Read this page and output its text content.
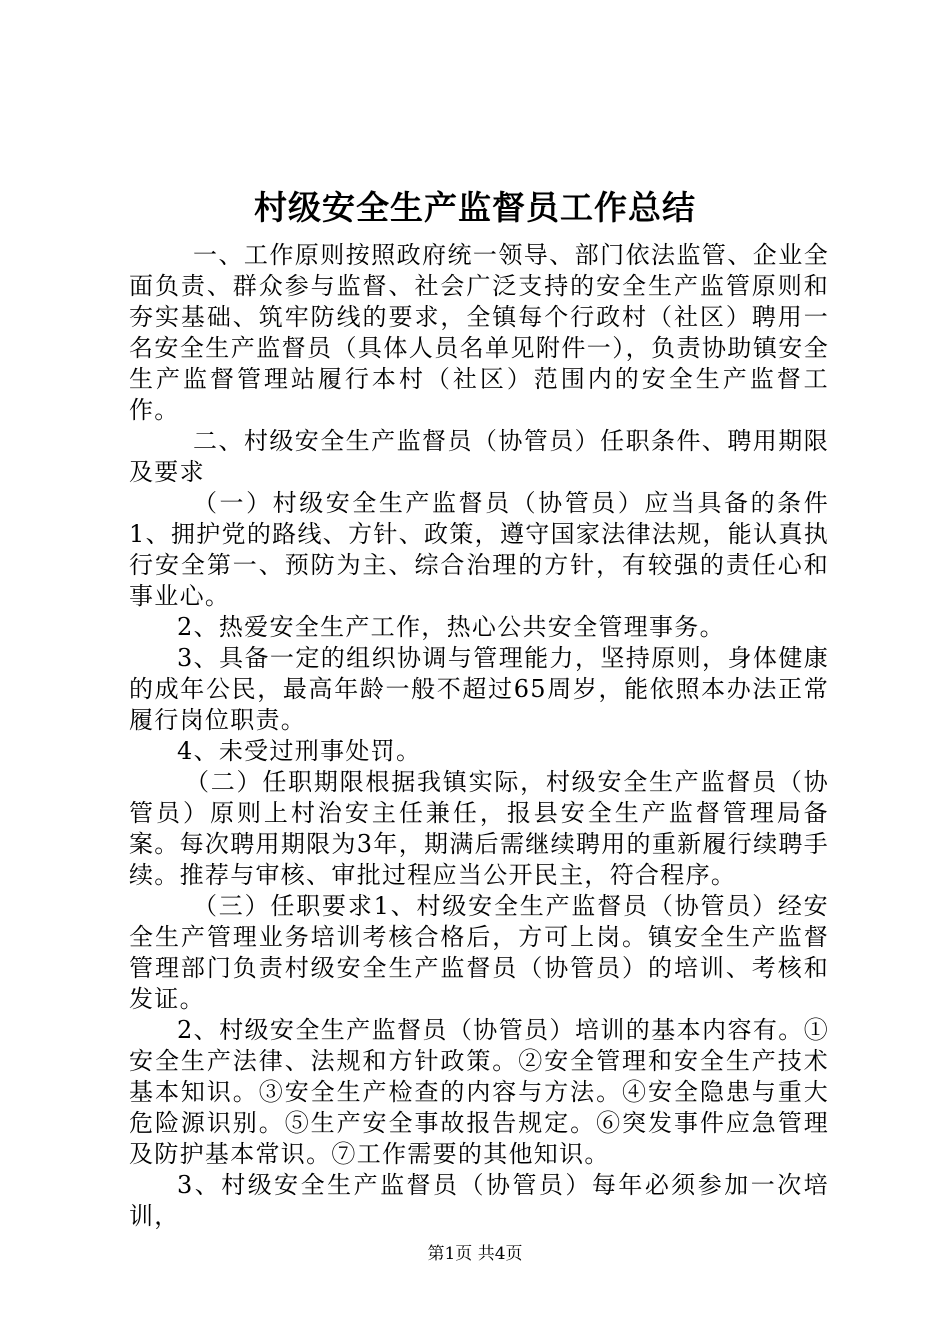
村级安全生产监督员工作总结

一、工作原则按照政府统一领导、部门依法监管、企业全面负责、群众参与监督、社会广泛支持的安全生产监管原则和夯实基础、筑牢防线的要求，全镇每个行政村（社区）聘用一名安全生产监督员（具体人员名单见附件一），负责协助镇安全生产监督管理站履行本村（社区）范围内的安全生产监督工作。

二、村级安全生产监督员（协管员）任职条件、聘用期限及要求

（一）村级安全生产监督员（协管员）应当具备的条件1、拥护党的路线、方针、政策，遵守国家法律法规，能认真执行安全第一、预防为主、综合治理的方针，有较强的责任心和事业心。

2、热爱安全生产工作，热心公共安全管理事务。

3、具备一定的组织协调与管理能力，坚持原则，身体健康的成年公民，最高年龄一般不超过65周岁，能依照本办法正常履行岗位职责。

4、未受过刑事处罚。

（二）任职期限根据我镇实际，村级安全生产监督员（协管员）原则上村治安主任兼任，报县安全生产监督管理局备案。每次聘用期限为3年，期满后需继续聘用的重新履行续聘手续。推荐与审核、审批过程应当公开民主，符合程序。

（三）任职要求1、村级安全生产监督员（协管员）经安全生产管理业务培训考核合格后，方可上岗。镇安全生产监督管理部门负责村级安全生产监督员（协管员）的培训、考核和发证。

2、村级安全生产监督员（协管员）培训的基本内容有。①安全生产法律、法规和方针政策。②安全管理和安全生产技术基本知识。③安全生产检查的内容与方法。④安全隐患与重大危险源识别。⑤生产安全事故报告规定。⑥突发事件应急管理及防护基本常识。⑦工作需要的其他知识。

3、村级安全生产监督员（协管员）每年必须参加一次培训，

第1页 共4页
